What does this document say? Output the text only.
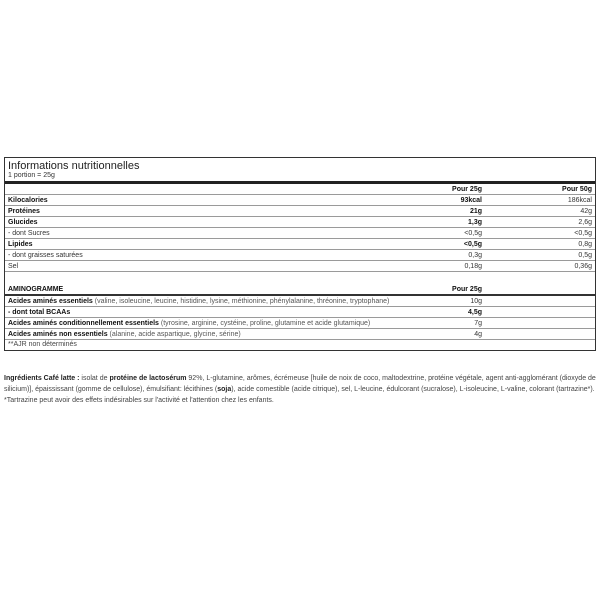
Informations nutritionnelles
1 portion = 25g
Pour 25g	Pour 50g
Kilocalories	93kcal	186kcal
Protéines	21g	42g
Glucides	1,3g	2,6g
- dont Sucres	<0,5g	<0,5g
Lipides	<0,5g	0,8g
- dont graisses saturées	0,3g	0,5g
Sel	0,18g	0,36g
AMINOGRAMME	Pour 25g
Acides aminés essentiels (valine, isoleucine, leucine, histidine, lysine, méthionine, phénylalanine, thréonine, tryptophane)	10g
- dont total BCAAs	4,5g
Acides aminés conditionnellement essentiels (tyrosine, arginine, cystéine, proline, glutamine et acide glutamique)	7g
Acides aminés non essentiels (alanine, acide aspartique, glycine, sérine)	4g
**AJR non déterminés
Ingrédients Café latte : isolat de protéine de lactosérum 92%, L-glutamine, arômes, écrémeuse [huile de noix de coco, maltodextrine, protéine végétale, agent anti-agglomérant (dioxyde de silicium)], épaississant (gomme de cellulose), émulsifiant: lécithines (soja), acide comestible (acide citrique), sel, L-leucine, édulcorant (sucralose), L-isoleucine, L-valine, colorant (tartrazine*). *Tartrazine peut avoir des effets indésirables sur l'activité et l'attention chez les enfants.
